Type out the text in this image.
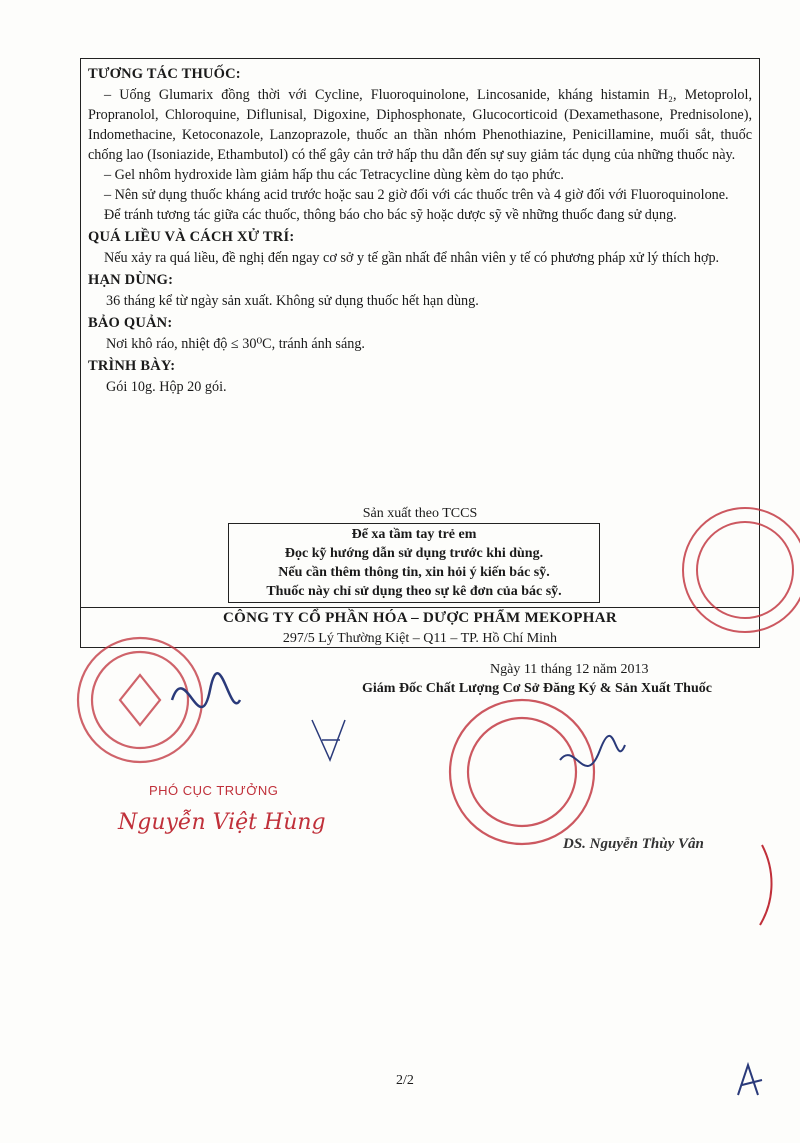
TƯƠNG TÁC THUỐC:

– Uống Glumarix đồng thời với Cycline, Fluoroquinolone, Lincosanide, kháng histamin H₂, Metoprolol, Propranolol, Chloroquine, Diflunisal, Digoxine, Diphosphonate, Glucocorticoid (Dexamethasone, Prednisolone), Indomethacine, Ketoconazole, Lanzoprazole, thuốc an thần nhóm Phenothiazine, Penicillamine, muối sắt, thuốc chống lao (Isoniazide, Ethambutol) có thể gây cản trở hấp thu dẫn đến sự suy giảm tác dụng của những thuốc này.

– Gel nhôm hydroxide làm giảm hấp thu các Tetracycline dùng kèm do tạo phức.

– Nên sử dụng thuốc kháng acid trước hoặc sau 2 giờ đối với các thuốc trên và 4 giờ đối với Fluoroquinolone.

Để tránh tương tác giữa các thuốc, thông báo cho bác sỹ hoặc dược sỹ về những thuốc đang sử dụng.

QUÁ LIỀU VÀ CÁCH XỬ TRÍ:

Nếu xảy ra quá liều, đề nghị đến ngay cơ sở y tế gần nhất để nhân viên y tế có phương pháp xử lý thích hợp.

HẠN DÙNG:

36 tháng kể từ ngày sản xuất. Không sử dụng thuốc hết hạn dùng.

BẢO QUẢN:

Nơi khô ráo, nhiệt độ ≤ 30⁰C, tránh ánh sáng.

TRÌNH BÀY:

Gói 10g. Hộp 20 gói.

Sản xuất theo TCCS
Để xa tầm tay trẻ em
Đọc kỹ hướng dẫn sử dụng trước khi dùng.
Nếu cần thêm thông tin, xin hỏi ý kiến bác sỹ.
Thuốc này chỉ sử dụng theo sự kê đơn của bác sỹ.
CÔNG TY CỔ PHẦN HÓA – DƯỢC PHẨM MEKOPHAR
297/5 Lý Thường Kiệt – Q11 – TP. Hồ Chí Minh
Ngày 11 tháng 12 năm 2013
Giám Đốc Chất Lượng Cơ Sở Đăng Ký & Sản Xuất Thuốc
PHÓ CỤC TRƯỞNG
Nguyễn Việt Hùng
DS. Nguyễn Thùy Vân
2/2
